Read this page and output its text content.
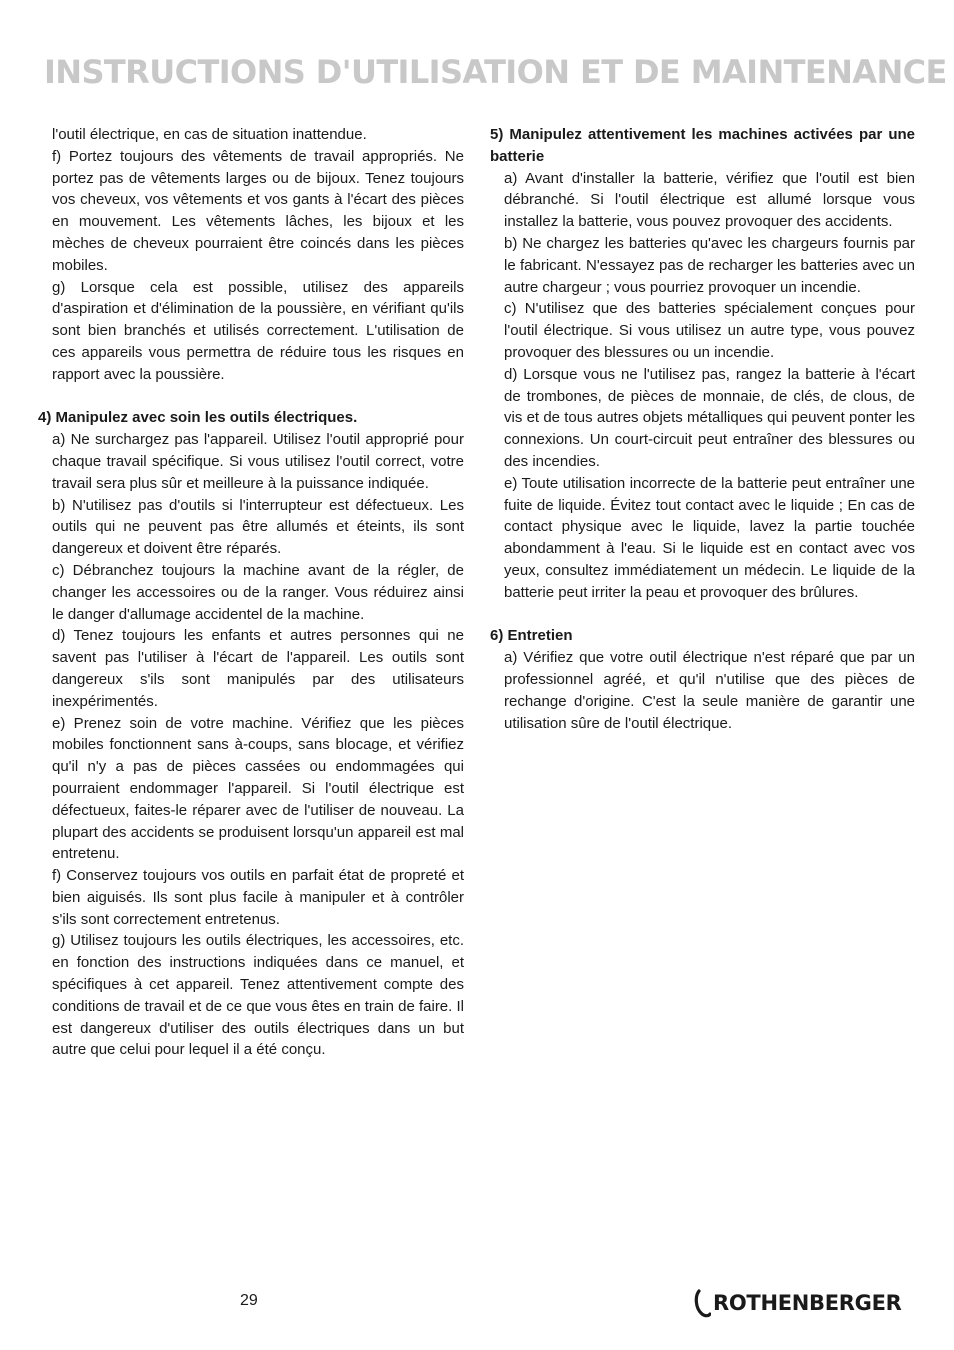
INSTRUCTIONS D'UTILISATION ET DE MAINTENANCE

l'outil électrique, en cas de situation inattendue.

f) Portez toujours des vêtements de travail appropriés. Ne portez pas de vêtements larges ou de bijoux. Tenez toujours vos cheveux, vos vêtements et vos gants à l'écart des pièces en mouvement. Les vêtements lâches, les bijoux et les mèches de cheveux pourraient être coincés dans les pièces mobiles.

g) Lorsque cela est possible, utilisez des appareils d'aspiration et d'élimination de la poussière, en vérifiant qu'ils sont bien branchés et utilisés correctement. L'utilisation de ces appareils vous permettra de réduire tous les risques en rapport avec la poussière.

4) Manipulez avec soin les outils électriques.

a) Ne surchargez pas l'appareil. Utilisez l'outil approprié pour chaque travail spécifique. Si vous utilisez l'outil correct, votre travail sera plus sûr et meilleure à la puissance indiquée.

b) N'utilisez pas d'outils si l'interrupteur est défectueux. Les outils qui ne peuvent pas être allumés et éteints, ils sont dangereux et doivent être réparés.

c) Débranchez toujours la machine avant de la régler, de changer les accessoires ou de la ranger. Vous réduirez ainsi le danger d'allumage accidentel de la machine.

d) Tenez toujours les enfants et autres personnes qui ne savent pas l'utiliser à l'écart de l'appareil. Les outils sont dangereux s'ils sont manipulés par des utilisateurs inexpérimentés.

e) Prenez soin de votre machine. Vérifiez que les pièces mobiles fonctionnent sans à-coups, sans blocage, et vérifiez qu'il n'y a pas de pièces cassées ou endommagées qui pourraient endommager l'appareil. Si l'outil électrique est défectueux, faites-le réparer avec de l'utiliser de nouveau. La plupart des accidents se produisent lorsqu'un appareil est mal entretenu.

f) Conservez toujours vos outils en parfait état de propreté et bien aiguisés. Ils sont plus facile à manipuler et à contrôler s'ils sont correctement entretenus.

g) Utilisez toujours les outils électriques, les accessoires, etc. en fonction des instructions indiquées dans ce manuel, et spécifiques à cet appareil. Tenez attentivement compte des conditions de travail et de ce que vous êtes en train de faire. Il est dangereux d'utiliser des outils électriques dans un but autre que celui pour lequel il a été conçu.

5) Manipulez attentivement les machines activées par une batterie

a) Avant d'installer la batterie, vérifiez que l'outil est bien débranché. Si l'outil électrique est allumé lorsque vous installez la batterie, vous pouvez provoquer des accidents.

b) Ne chargez les batteries qu'avec les chargeurs fournis par le fabricant. N'essayez pas de recharger les batteries avec un autre chargeur ; vous pourriez provoquer un incendie.

c) N'utilisez que des batteries spécialement conçues pour l'outil électrique. Si vous utilisez un autre type, vous pouvez provoquer des blessures ou un incendie.

d) Lorsque vous ne l'utilisez pas, rangez la batterie à l'écart de trombones, de pièces de monnaie, de clés, de clous, de vis et de tous autres objets métalliques qui peuvent ponter les connexions. Un court-circuit peut entraîner des blessures ou des incendies.

e) Toute utilisation incorrecte de la batterie peut entraîner une fuite de liquide. Évitez tout contact avec le liquide ; En cas de contact physique avec le liquide, lavez la partie touchée abondamment à l'eau. Si le liquide est en contact avec vos yeux, consultez immédiatement un médecin. Le liquide de la batterie peut irriter la peau et provoquer des brûlures.

6) Entretien

a) Vérifiez que votre outil électrique n'est réparé que par un professionnel agréé, et qu'il n'utilise que des pièces de rechange d'origine. C'est la seule manière de garantir une utilisation sûre de l'outil électrique.

29	ROTHENBERGER
